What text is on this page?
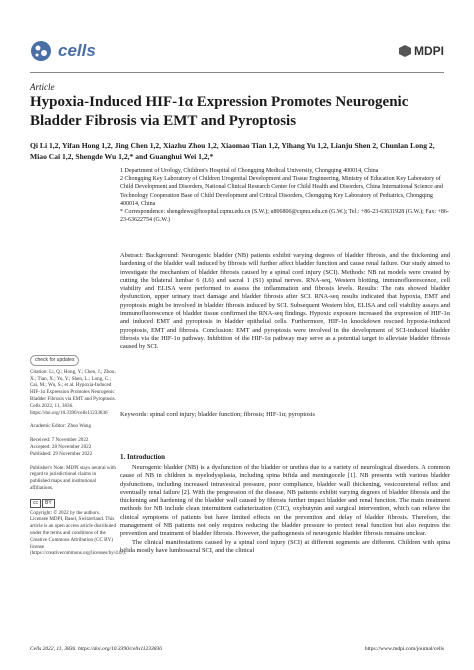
cells	MDPI
Article
Hypoxia-Induced HIF-1α Expression Promotes Neurogenic Bladder Fibrosis via EMT and Pyroptosis
Qi Li 1,2, Yifan Hong 1,2, Jing Chen 1,2, Xiazhu Zhou 1,2, Xiaomao Tian 1,2, Yihang Yu 1,2, Lianju Shen 2, Chunlan Long 2, Miao Cai 1,2, Shengde Wu 1,2,* and Guanghui Wei 1,2,*

1 Department of Urology, Children's Hospital of Chongqing Medical University, Chongqing 400014, China

2 Chongqing Key Laboratory of Children Urogenital Development and Tissue Engineering, Ministry of Education Key Laboratory of Child Development and Disorders, National Clinical Research Center for Child Health and Disorders, China International Science and Technology Cooperation Base of Child Development and Critical Disorders, Chongqing Key Laboratory of Pediatrics, Chongqing 400014, China

* Correspondence: shengdewu@hospital.cqmu.edu.cn (S.W.); u806806@cqmu.edu.cn (G.W.); Tel.: +86-23-63631928 (G.W.); Fax: +86-23-63622754 (G.W.)

Abstract: Background: Neurogenic bladder (NB) patients exhibit varying degrees of bladder fibrosis, and the thickening and hardening of the bladder wall induced by fibrosis will further affect bladder function and cause renal failure. Our study aimed to investigate the mechanism of bladder fibrosis caused by a spinal cord injury (SCI). Methods: NB rat models were created by cutting the bilateral lumbar 6 (L6) and sacral 1 (S1) spinal nerves. RNA-seq, Western blotting, immunofluorescence, cell viability and ELISA were performed to assess the inflammation and fibrosis levels. Results: The rats showed bladder dysfunction, upper urinary tract damage and bladder fibrosis after SCI. RNA-seq results indicated that hypoxia, EMT and pyroptosis might be involved in bladder fibrosis induced by SCI. Subsequent Western blot, ELISA and cell viability assays and immunofluorescence of bladder tissue confirmed the RNA-seq findings. Hypoxic exposure increased the expression of HIF-1α and induced EMT and pyroptosis in bladder epithelial cells. Furthermore, HIF-1α knockdown rescued hypoxia-induced pyroptosis, EMT and fibrosis. Conclusion: EMT and pyroptosis were involved in the development of SCI-induced bladder fibrosis via the HIF-1α pathway. Inhibition of the HIF-1α pathway may serve as a potential target to alleviate bladder fibrosis caused by SCI.
Keywords: spinal cord injury; bladder function; fibrosis; HIF-1α; pyroptosis
check for updates

Citation: Li, Q.; Hong, Y.; Chen, J.; Zhou, X.; Tian, X.; Yu, Y.; Shen, L.; Long, C.; Cai, M.; Wu, S.; et al. Hypoxia-Induced HIF-1α Expression Promotes Neurogenic Bladder Fibrosis via EMT and Pyroptosis. Cells 2022, 11, 3836. https://doi.org/10.3390/cells11233836

Academic Editor: Zhuo Wang

Received: 7 November 2022

Accepted: 28 November 2022

Published: 29 November 2022

Publisher's Note: MDPI stays neutral with regard to jurisdictional claims in published maps and institutional affiliations.

cc	BY

Copyright: © 2022 by the authors. Licensee MDPI, Basel, Switzerland. This article is an open access article distributed under the terms and conditions of the Creative Commons Attribution (CC BY) license (https://creativecommons.org/licenses/by/4.0/).

1. Introduction

Neurogenic bladder (NB) is a dysfunction of the bladder or urethra due to a variety of neurological disorders. A common cause of NB in children is myelodysplasia, including spina bifida and meningocele [1]. NB presents with various bladder dysfunctions, including increased intravesical pressure, poor compliance, bladder wall thickening, vesicoureteral reflux and eventually renal failure [2]. With the progression of the disease, NB patients exhibit varying degrees of bladder fibrosis and the thickening and hardening of the bladder wall caused by fibrosis further impact bladder and renal function. The main treatment methods for NB include clean intermittent catheterization (CIC), oxybutynin and surgical intervention, which can relieve the clinical symptoms of patients but have limited effects on the prevention and delay of bladder fibrosis. Therefore, the management of NB patients not only requires reducing the bladder pressure to protect renal function but also requires the prevention and treatment of bladder fibrosis. However, the pathogenesis of neurogenic bladder fibrosis remains unclear.

The clinical manifestations caused by a spinal cord injury (SCI) at different segments are different. Children with spina bifida mostly have lumbosacral SCI, and the clinical

Cells 2022, 11, 3836. https://doi.org/10.3390/cells11233836	https://www.mdpi.com/journal/cells
